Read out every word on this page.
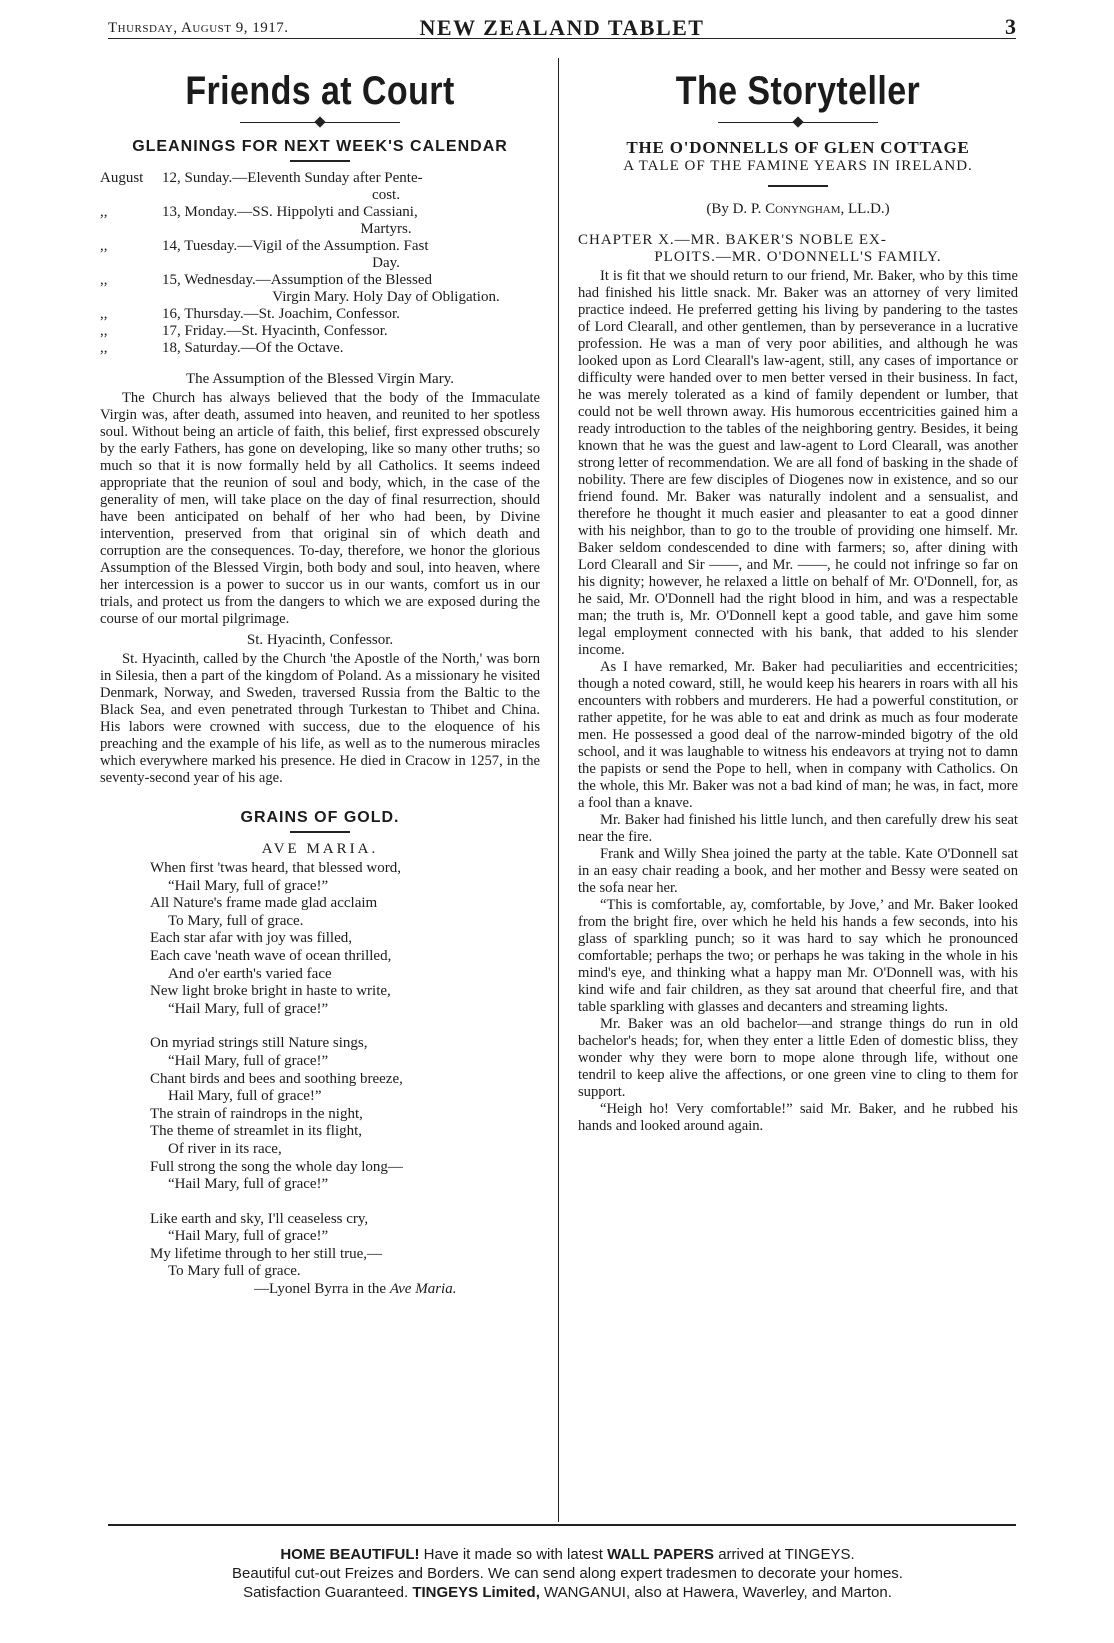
Thursday, August 9, 1917.	NEW ZEALAND TABLET	3
Friends at Court
GLEANINGS FOR NEXT WEEK'S CALENDAR
August	12, Sunday.—Eleventh Sunday after Pente-
cost.
,,	13, Monday.—SS. Hippolyti and Cassiani,
Martyrs.
,,	14, Tuesday.—Vigil of the Assumption. Fast
Day.
,,	15, Wednesday.—Assumption of the Blessed
Virgin Mary. Holy Day of Obligation.
,,	16, Thursday.—St. Joachim, Confessor.
,,	17, Friday.—St. Hyacinth, Confessor.
,,	18, Saturday.—Of the Octave.
The Assumption of the Blessed Virgin Mary.

The Church has always believed that the body of the Immaculate Virgin was, after death, assumed into heaven, and reunited to her spotless soul. Without being an article of faith, this belief, first expressed obscurely by the early Fathers, has gone on developing, like so many other truths; so much so that it is now formally held by all Catholics. It seems indeed appropriate that the reunion of soul and body, which, in the case of the generality of men, will take place on the day of final resurrection, should have been anticipated on behalf of her who had been, by Divine intervention, preserved from that original sin of which death and corruption are the consequences. To-day, therefore, we honor the glorious Assumption of the Blessed Virgin, both body and soul, into heaven, where her intercession is a power to succor us in our wants, comfort us in our trials, and protect us from the dangers to which we are exposed during the course of our mortal pilgrimage.

St. Hyacinth, Confessor.

St. Hyacinth, called by the Church 'the Apostle of the North,' was born in Silesia, then a part of the kingdom of Poland. As a missionary he visited Denmark, Norway, and Sweden, traversed Russia from the Baltic to the Black Sea, and even penetrated through Turkestan to Thibet and China. His labors were crowned with success, due to the eloquence of his preaching and the example of his life, as well as to the numerous miracles which everywhere marked his presence. He died in Cracow in 1257, in the seventy-second year of his age.

GRAINS OF GOLD.
AVE MARIA.
When first 'twas heard, that blessed word,
“Hail Mary, full of grace!”
All Nature's frame made glad acclaim
To Mary, full of grace.
Each star afar with joy was filled,
Each cave 'neath wave of ocean thrilled,
And o'er earth's varied face
New light broke bright in haste to write,
“Hail Mary, full of grace!”
On myriad strings still Nature sings,
“Hail Mary, full of grace!”
Chant birds and bees and soothing breeze,
Hail Mary, full of grace!”
The strain of raindrops in the night,
The theme of streamlet in its flight,
Of river in its race,
Full strong the song the whole day long—
“Hail Mary, full of grace!”
Like earth and sky, I'll ceaseless cry,
“Hail Mary, full of grace!”
My lifetime through to her still true,—
To Mary full of grace.
—Lyonel Byrra in the Ave Maria.
The Storyteller
THE O'DONNELLS OF GLEN COTTAGE
A TALE OF THE FAMINE YEARS IN IRELAND.
(By D. P. Conyngham, LL.D.)
CHAPTER X.—MR. BAKER'S NOBLE EX-
PLOITS.—MR. O'DONNELL'S FAMILY.

It is fit that we should return to our friend, Mr. Baker, who by this time had finished his little snack. Mr. Baker was an attorney of very limited practice indeed. He preferred getting his living by pandering to the tastes of Lord Clearall, and other gentlemen, than by perseverance in a lucrative profession. He was a man of very poor abilities, and although he was looked upon as Lord Clearall's law-agent, still, any cases of importance or difficulty were handed over to men better versed in their business. In fact, he was merely tolerated as a kind of family dependent or lumber, that could not be well thrown away. His humorous eccentricities gained him a ready introduction to the tables of the neighboring gentry. Besides, it being known that he was the guest and law-agent to Lord Clearall, was another strong letter of recommendation. We are all fond of basking in the shade of nobility. There are few disciples of Diogenes now in existence, and so our friend found. Mr. Baker was naturally indolent and a sensualist, and therefore he thought it much easier and pleasanter to eat a good dinner with his neighbor, than to go to the trouble of providing one himself. Mr. Baker seldom condescended to dine with farmers; so, after dining with Lord Clearall and Sir ——, and Mr. ——, he could not infringe so far on his dignity; however, he relaxed a little on behalf of Mr. O'Donnell, for, as he said, Mr. O'Donnell had the right blood in him, and was a respectable man; the truth is, Mr. O'Donnell kept a good table, and gave him some legal employment connected with his bank, that added to his slender income.

As I have remarked, Mr. Baker had peculiarities and eccentricities; though a noted coward, still, he would keep his hearers in roars with all his encounters with robbers and murderers. He had a powerful constitution, or rather appetite, for he was able to eat and drink as much as four moderate men. He possessed a good deal of the narrow-minded bigotry of the old school, and it was laughable to witness his endeavors at trying not to damn the papists or send the Pope to hell, when in company with Catholics. On the whole, this Mr. Baker was not a bad kind of man; he was, in fact, more a fool than a knave.

Mr. Baker had finished his little lunch, and then carefully drew his seat near the fire.

Frank and Willy Shea joined the party at the table. Kate O'Donnell sat in an easy chair reading a book, and her mother and Bessy were seated on the sofa near her.

“This is comfortable, ay, comfortable, by Jove,’ and Mr. Baker looked from the bright fire, over which he held his hands a few seconds, into his glass of sparkling punch; so it was hard to say which he pronounced comfortable; perhaps the two; or perhaps he was taking in the whole in his mind's eye, and thinking what a happy man Mr. O'Donnell was, with his kind wife and fair children, as they sat around that cheerful fire, and that table sparkling with glasses and decanters and streaming lights.

Mr. Baker was an old bachelor—and strange things do run in old bachelor's heads; for, when they enter a little Eden of domestic bliss, they wonder why they were born to mope alone through life, without one tendril to keep alive the affections, or one green vine to cling to them for support.

“Heigh ho! Very comfortable!” said Mr. Baker, and he rubbed his hands and looked around again.

HOME BEAUTIFUL! Have it made so with latest WALL PAPERS arrived at TINGEYS.
Beautiful cut-out Freizes and Borders. We can send along expert tradesmen to decorate your homes.
Satisfaction Guaranteed. TINGEYS Limited, WANGANUI, also at Hawera, Waverley, and Marton.
